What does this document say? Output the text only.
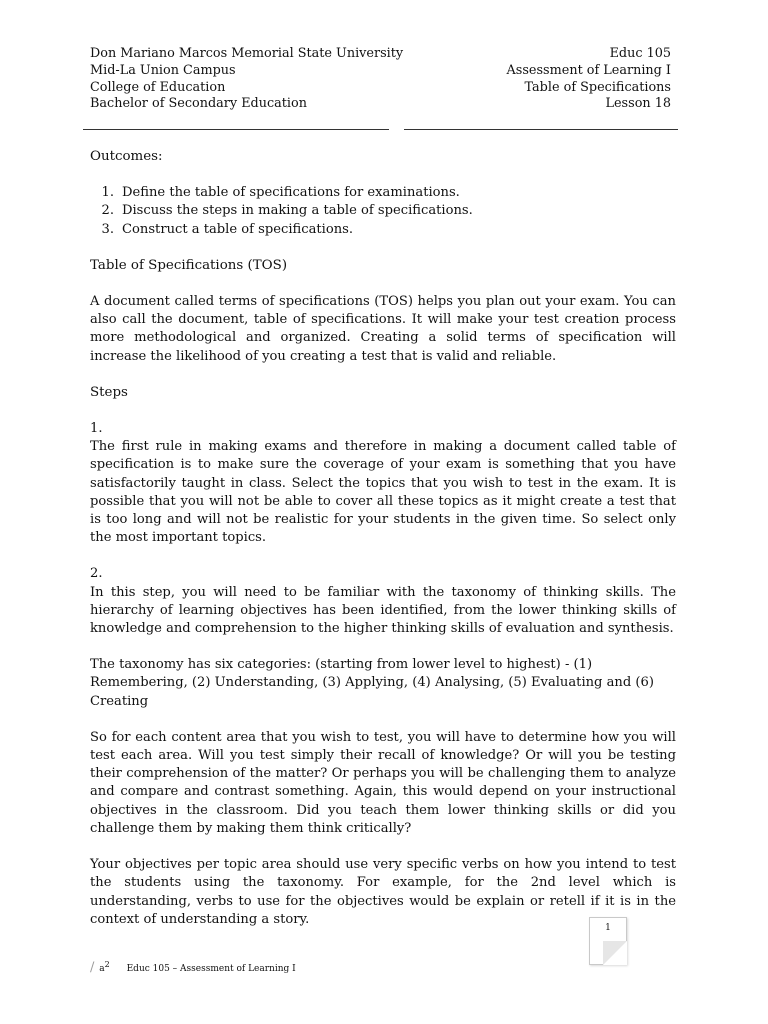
Don Mariano Marcos Memorial State University
Mid-La Union Campus
College of Education
Bachelor of Secondary Education
Educ 105
Assessment of Learning I
Table of Specifications
Lesson 18
Outcomes:
1. Define the table of specifications for examinations.
2. Discuss the steps in making a table of specifications.
3. Construct a table of specifications.
Table of Specifications (TOS)

A document called terms of specifications (TOS) helps you plan out your exam. You can also call the document, table of specifications. It will make your test creation process more methodological and organized. Creating a solid terms of specification will increase the likelihood of you creating a test that is valid and reliable.

Steps
1.

The first rule in making exams and therefore in making a document called table of specification is to make sure the coverage of your exam is something that you have satisfactorily taught in class. Select the topics that you wish to test in the exam. It is possible that you will not be able to cover all these topics as it might create a test that is too long and will not be realistic for your students in the given time. So select only the most important topics.

2.

In this step, you will need to be familiar with the taxonomy of thinking skills. The hierarchy of learning objectives has been identified, from the lower thinking skills of knowledge and comprehension to the higher thinking skills of evaluation and synthesis.

The taxonomy has six categories: (starting from lower level to highest) - (1) Remembering, (2) Understanding, (3) Applying, (4) Analysing, (5) Evaluating and (6) Creating

So for each content area that you wish to test, you will have to determine how you will test each area. Will you test simply their recall of knowledge? Or will you be testing their comprehension of the matter? Or perhaps you will be challenging them to analyze and compare and contrast something. Again, this would depend on your instructional objectives in the classroom. Did you teach them lower thinking skills or did you challenge them by making them think critically?

Your objectives per topic area should use very specific verbs on how you intend to test the students using the taxonomy. For example, for the 2nd level which is understanding, verbs to use for the objectives would be explain or retell if it is in the context of understanding a story.

1
/ $a^2$ Educ 105 – Assessment of Learning I
